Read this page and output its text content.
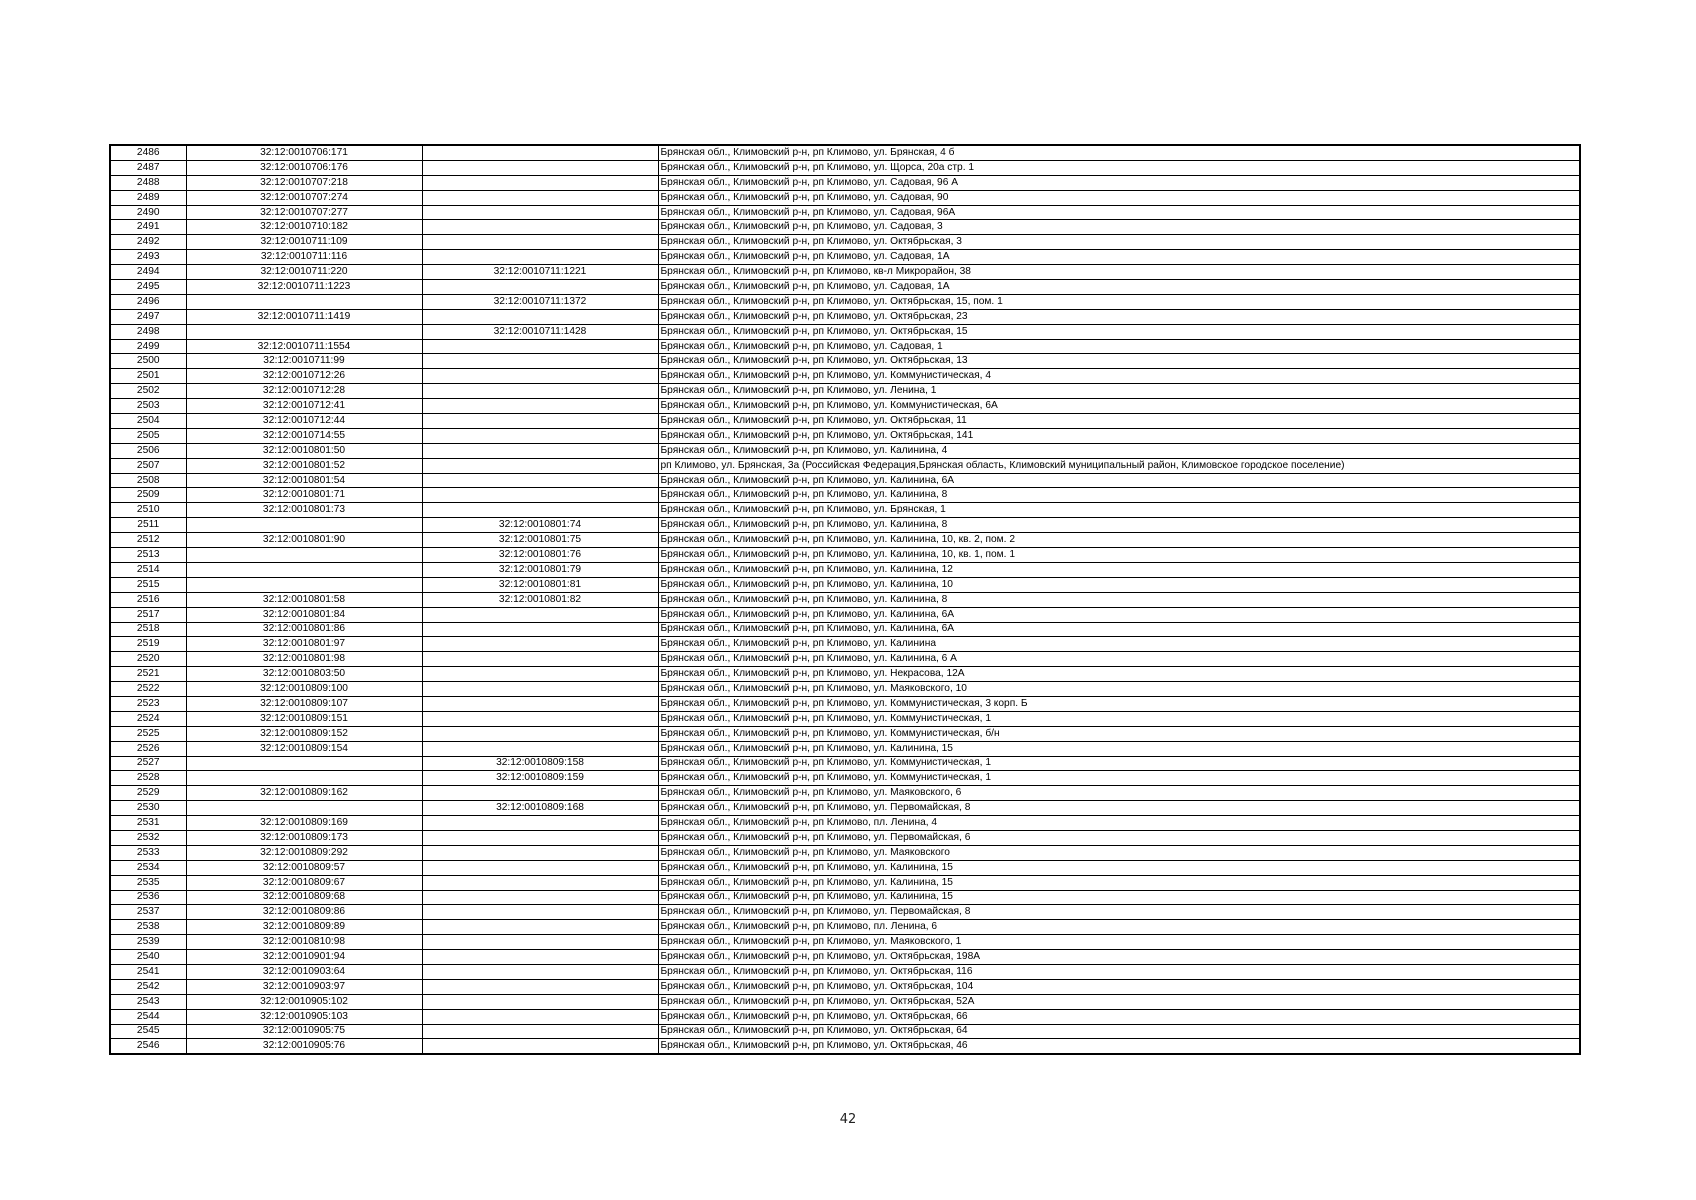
2486	32:12:0010706:171		Брянская обл., Климовский р-н, рп Климово, ул. Брянская, 4 б
2487	32:12:0010706:176		Брянская обл., Климовский р-н, рп Климово, ул. Щорса, 20а стр. 1
2488	32:12:0010707:218		Брянская обл., Климовский р-н, рп Климово, ул. Садовая, 96 А
2489	32:12:0010707:274		Брянская обл., Климовский р-н, рп Климово, ул. Садовая, 90
2490	32:12:0010707:277		Брянская обл., Климовский р-н, рп Климово, ул. Садовая, 96А
2491	32:12:0010710:182		Брянская обл., Климовский р-н, рп Климово, ул. Садовая, 3
2492	32:12:0010711:109		Брянская обл., Климовский р-н, рп Климово, ул. Октябрьская, 3
2493	32:12:0010711:116		Брянская обл., Климовский р-н, рп Климово, ул. Садовая, 1А
2494	32:12:0010711:220	32:12:0010711:1221	Брянская обл., Климовский р-н, рп Климово, кв-л Микрорайон, 38
2495	32:12:0010711:1223		Брянская обл., Климовский р-н, рп Климово, ул. Садовая, 1А
2496		32:12:0010711:1372	Брянская обл., Климовский р-н, рп Климово, ул. Октябрьская, 15, пом. 1
2497	32:12:0010711:1419		Брянская обл., Климовский р-н, рп Климово, ул. Октябрьская, 23
2498		32:12:0010711:1428	Брянская обл., Климовский р-н, рп Климово, ул. Октябрьская, 15
2499	32:12:0010711:1554		Брянская обл., Климовский р-н, рп Климово, ул. Садовая, 1
2500	32:12:0010711:99		Брянская обл., Климовский р-н, рп Климово, ул. Октябрьская, 13
2501	32:12:0010712:26		Брянская обл., Климовский р-н, рп Климово, ул. Коммунистическая, 4
2502	32:12:0010712:28		Брянская обл., Климовский р-н, рп Климово, ул. Ленина, 1
2503	32:12:0010712:41		Брянская обл., Климовский р-н, рп Климово, ул. Коммунистическая, 6А
2504	32:12:0010712:44		Брянская обл., Климовский р-н, рп Климово, ул. Октябрьская, 11
2505	32:12:0010714:55		Брянская обл., Климовский р-н, рп Климово, ул. Октябрьская, 141
2506	32:12:0010801:50		Брянская обл., Климовский р-н, рп Климово, ул. Калинина, 4
2507	32:12:0010801:52		рп Климово, ул. Брянская, 3а (Российская Федерация,Брянская область, Климовский муниципальный район, Климовское городское поселение)
2508	32:12:0010801:54		Брянская обл., Климовский р-н, рп Климово, ул. Калинина, 6А
2509	32:12:0010801:71		Брянская обл., Климовский р-н, рп Климово, ул. Калинина, 8
2510	32:12:0010801:73		Брянская обл., Климовский р-н, рп Климово, ул. Брянская, 1
2511		32:12:0010801:74	Брянская обл., Климовский р-н, рп Климово, ул. Калинина, 8
2512	32:12:0010801:90	32:12:0010801:75	Брянская обл., Климовский р-н, рп Климово, ул. Калинина, 10, кв. 2, пом. 2
2513		32:12:0010801:76	Брянская обл., Климовский р-н, рп Климово, ул. Калинина, 10, кв. 1, пом. 1
2514		32:12:0010801:79	Брянская обл., Климовский р-н, рп Климово, ул. Калинина, 12
2515		32:12:0010801:81	Брянская обл., Климовский р-н, рп Климово, ул. Калинина, 10
2516	32:12:0010801:58	32:12:0010801:82	Брянская обл., Климовский р-н, рп Климово, ул. Калинина, 8
2517	32:12:0010801:84		Брянская обл., Климовский р-н, рп Климово, ул. Калинина, 6А
2518	32:12:0010801:86		Брянская обл., Климовский р-н, рп Климово, ул. Калинина, 6А
2519	32:12:0010801:97		Брянская обл., Климовский р-н, рп Климово, ул. Калинина
2520	32:12:0010801:98		Брянская обл., Климовский р-н, рп Климово, ул. Калинина, 6 А
2521	32:12:0010803:50		Брянская обл., Климовский р-н, рп Климово, ул. Некрасова, 12А
2522	32:12:0010809:100		Брянская обл., Климовский р-н, рп Климово, ул. Маяковского, 10
2523	32:12:0010809:107		Брянская обл., Климовский р-н, рп Климово, ул. Коммунистическая, 3 корп. Б
2524	32:12:0010809:151		Брянская обл., Климовский р-н, рп Климово, ул. Коммунистическая, 1
2525	32:12:0010809:152		Брянская обл., Климовский р-н, рп Климово, ул. Коммунистическая, б/н
2526	32:12:0010809:154		Брянская обл., Климовский р-н, рп Климово, ул. Калинина, 15
2527		32:12:0010809:158	Брянская обл., Климовский р-н, рп Климово, ул. Коммунистическая, 1
2528		32:12:0010809:159	Брянская обл., Климовский р-н, рп Климово, ул. Коммунистическая, 1
2529	32:12:0010809:162		Брянская обл., Климовский р-н, рп Климово, ул. Маяковского, 6
2530		32:12:0010809:168	Брянская обл., Климовский р-н, рп Климово, ул. Первомайская, 8
2531	32:12:0010809:169		Брянская обл., Климовский р-н, рп Климово, пл. Ленина, 4
2532	32:12:0010809:173		Брянская обл., Климовский р-н, рп Климово, ул. Первомайская, 6
2533	32:12:0010809:292		Брянская обл., Климовский р-н, рп Климово, ул. Маяковского
2534	32:12:0010809:57		Брянская обл., Климовский р-н, рп Климово, ул. Калинина, 15
2535	32:12:0010809:67		Брянская обл., Климовский р-н, рп Климово, ул. Калинина, 15
2536	32:12:0010809:68		Брянская обл., Климовский р-н, рп Климово, ул. Калинина, 15
2537	32:12:0010809:86		Брянская обл., Климовский р-н, рп Климово, ул. Первомайская, 8
2538	32:12:0010809:89		Брянская обл., Климовский р-н, рп Климово, пл. Ленина, 6
2539	32:12:0010810:98		Брянская обл., Климовский р-н, рп Климово, ул. Маяковского, 1
2540	32:12:0010901:94		Брянская обл., Климовский р-н, рп Климово, ул. Октябрьская, 198А
2541	32:12:0010903:64		Брянская обл., Климовский р-н, рп Климово, ул. Октябрьская, 116
2542	32:12:0010903:97		Брянская обл., Климовский р-н, рп Климово, ул. Октябрьская, 104
2543	32:12:0010905:102		Брянская обл., Климовский р-н, рп Климово, ул. Октябрьская, 52А
2544	32:12:0010905:103		Брянская обл., Климовский р-н, рп Климово, ул. Октябрьская, 66
2545	32:12:0010905:75		Брянская обл., Климовский р-н, рп Климово, ул. Октябрьская, 64
2546	32:12:0010905:76		Брянская обл., Климовский р-н, рп Климово, ул. Октябрьская, 46
42
